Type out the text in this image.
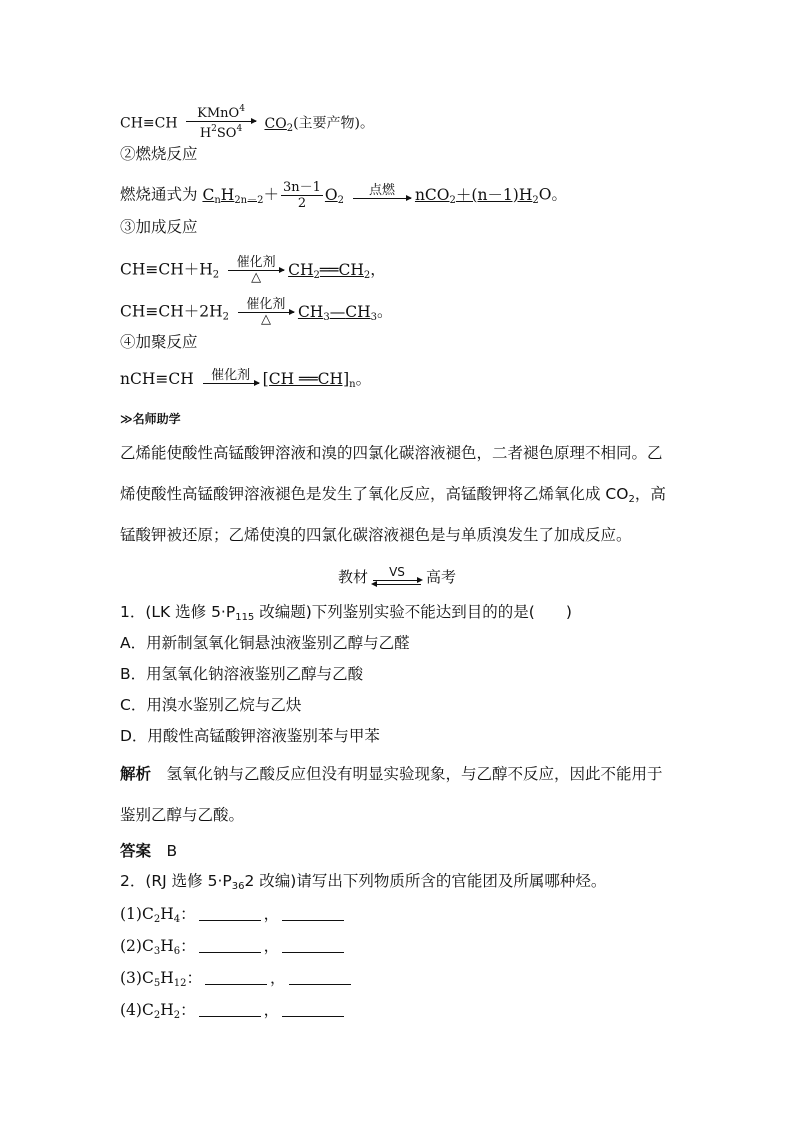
CH≡CH
KMnO$^4$
$H^2SO^4$	$CO_2$(主要产物)。
②燃烧反应
燃烧通式为 $C_nH_{2n-2}+ \frac{3n-1}{2} O_2$
点燃	$nCO_2+(n-1)H_2O$。
③加成反应
$CH\equiv CH+H_2$
催化剂
△	$CH_2══CH_2$，
$CH\equiv CH+2H_2$
催化剂
△	$CH_3—CH_3$。
④加聚反应
nCH≡CH	催化剂 [CH $══CH]_n$。
≫名师助学
乙烯能使酸性高锰酸钾溶液和溴的四氯化碳溶液褪色，二者褪色原理不相同。乙
烯使酸性高锰酸钾溶液褪色是发生了氧化反应，高锰酸钾将乙烯氧化成 $CO_2$，高
锰酸钾被还原；乙烯使溴的四氯化碳溶液褪色是与单质溴发生了加成反应。
教材	VS	高考
1．(LK 选修 $5\cdot P_{115}$ 改编题)下列鉴别实验不能达到目的的是(　　)
A．用新制氢氧化铜悬浊液鉴别乙醇与乙醛
B．用氢氧化钠溶液鉴别乙醇与乙酸
C．用溴水鉴别乙烷与乙炔
D．用酸性高锰酸钾溶液鉴别苯与甲苯
解析　氢氧化钠与乙酸反应但没有明显实验现象，与乙醇不反应，因此不能用于
鉴别乙醇与乙酸。
答案　B
2．(RJ 选修 $5\cdot P_{36}2$ 改编)请写出下列物质所含的官能团及所属哪种烃。
$(1)C_2H_4$：	，
$(2)C_3H_6$：	，
$(3)C_5H_{12}$：	，
$(4)C_2H_2$：	，
